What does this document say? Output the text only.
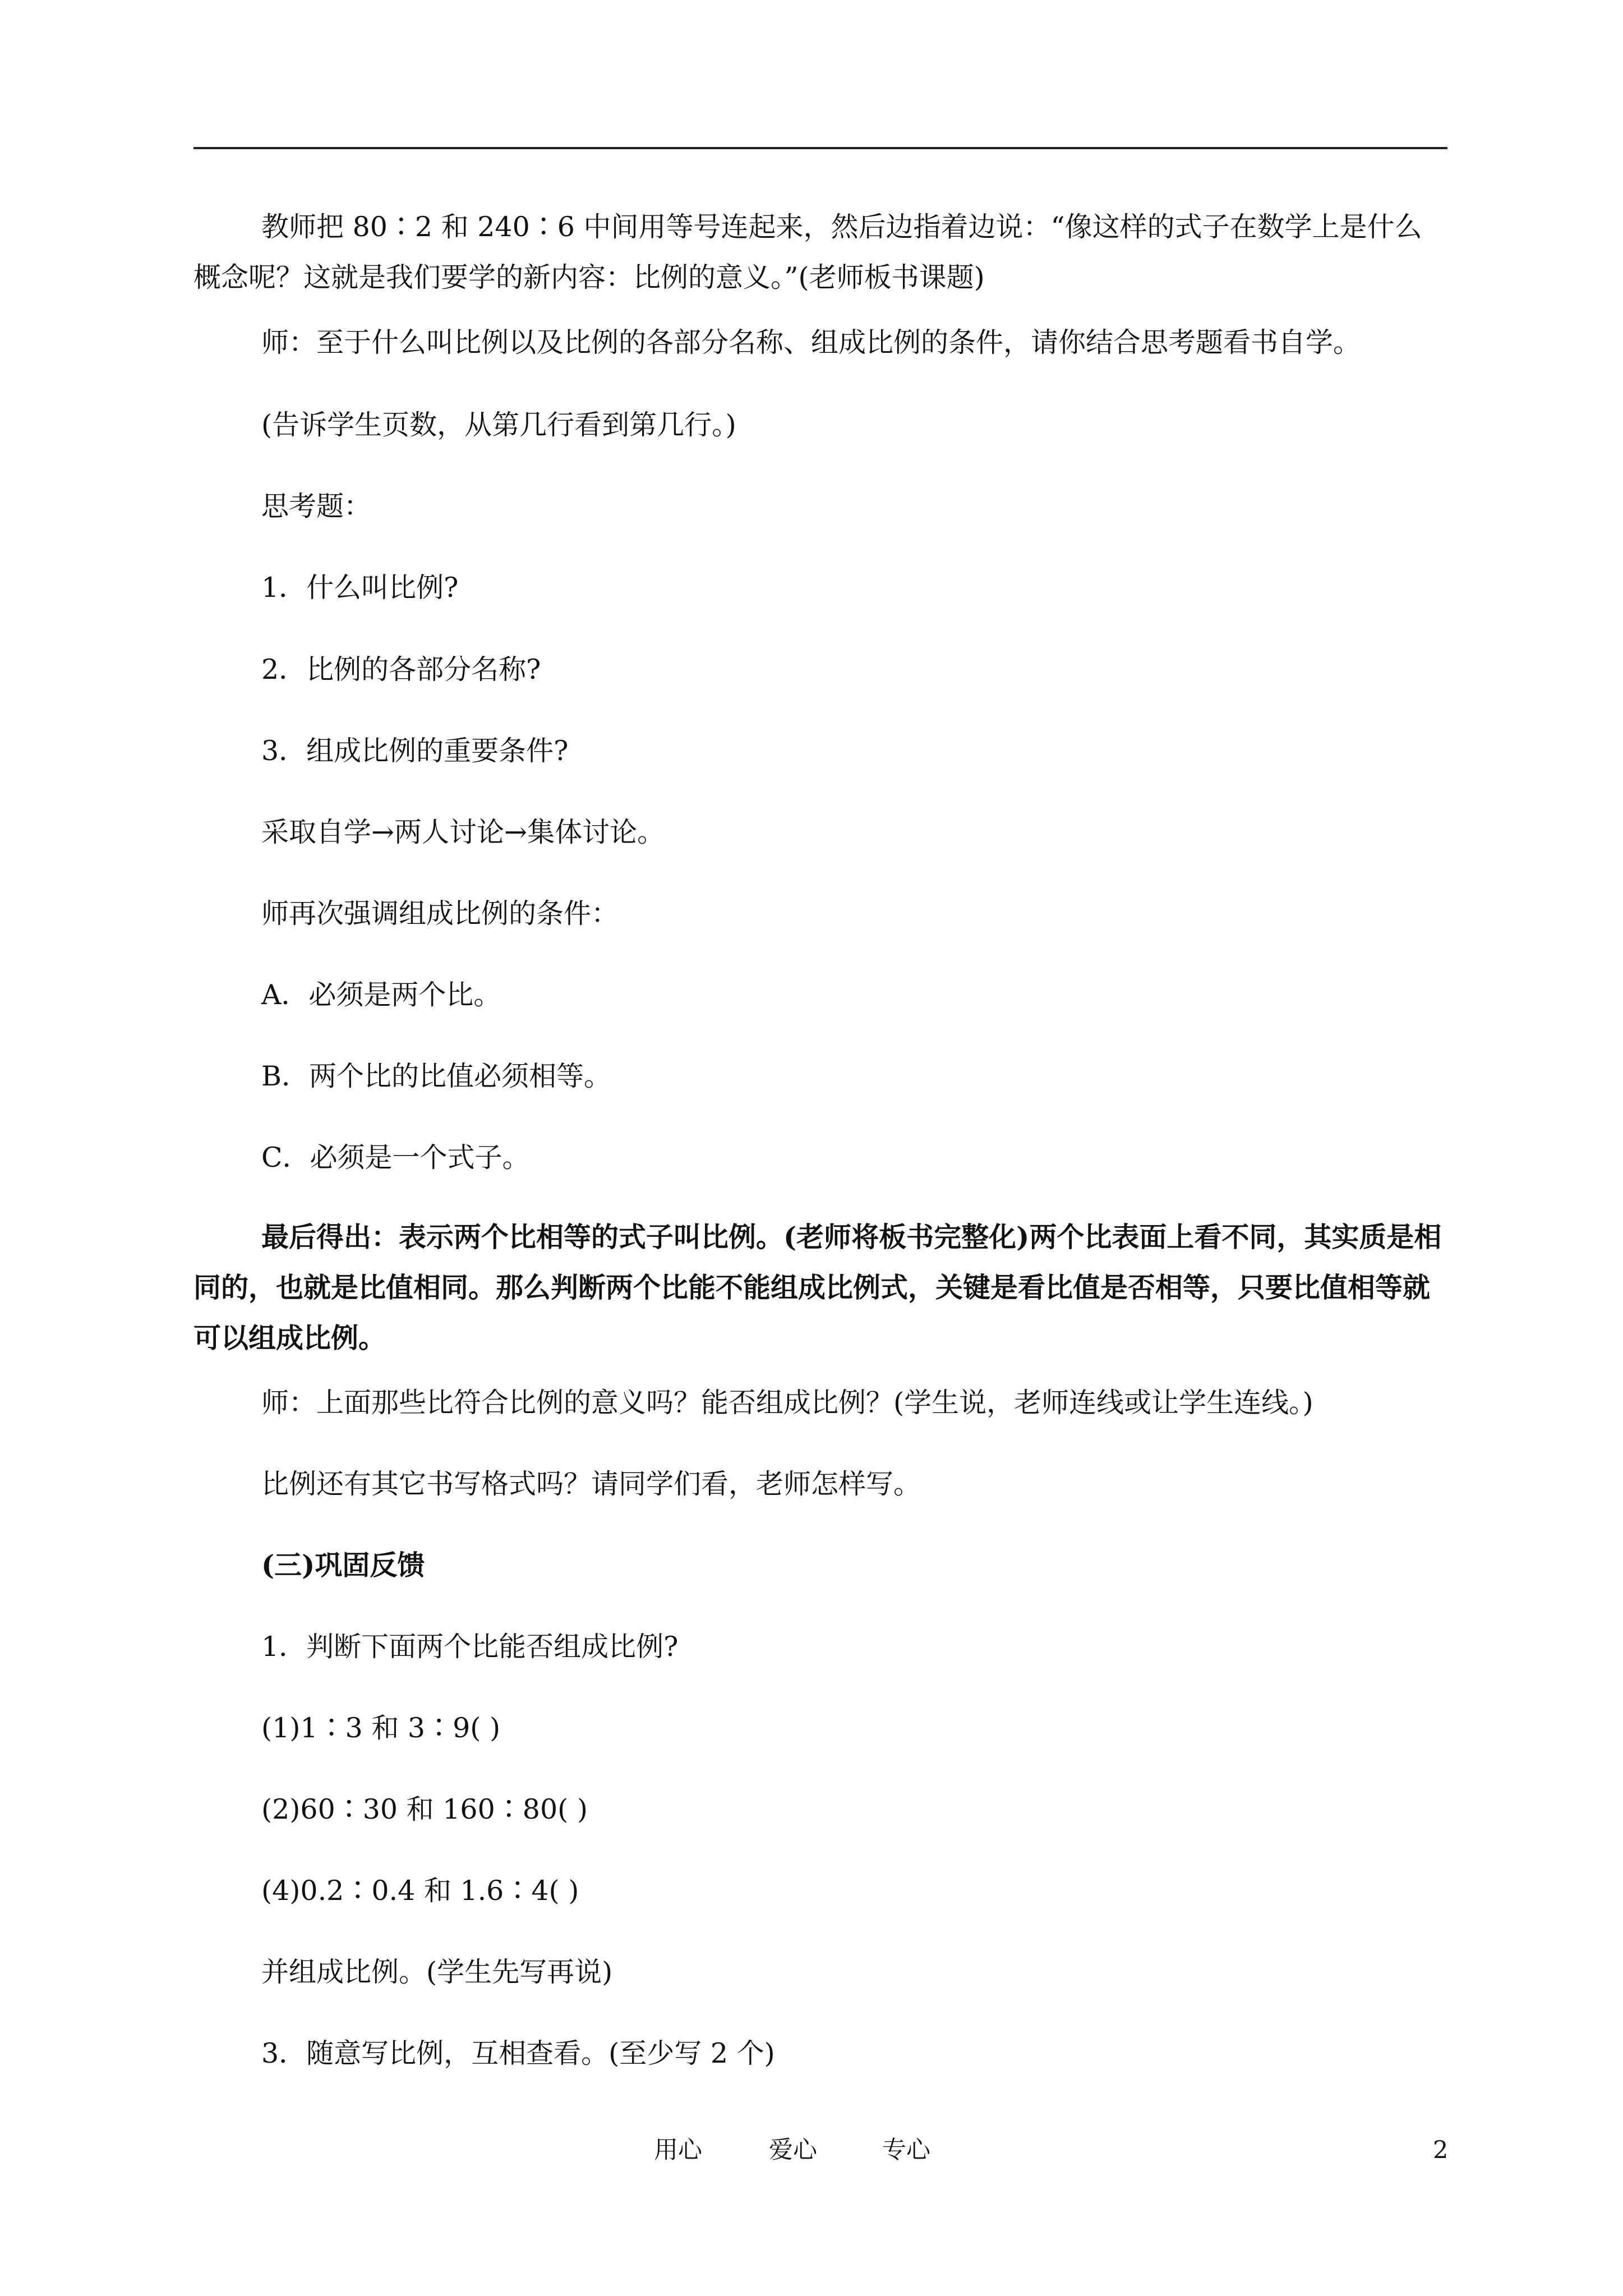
教师把 80∶2 和 240∶6 中间用等号连起来，然后边指着边说：“像这样的式子在数学上是什么概念呢？这就是我们要学的新内容：比例的意义。”(老师板书课题)
师：至于什么叫比例以及比例的各部分名称、组成比例的条件，请你结合思考题看书自学。
(告诉学生页数，从第几行看到第几行。)
思考题：
1．什么叫比例?
2．比例的各部分名称?
3．组成比例的重要条件?
采取自学→两人讨论→集体讨论。
师再次强调组成比例的条件：
A．必须是两个比。
B．两个比的比值必须相等。
C．必须是一个式子。
最后得出：表示两个比相等的式子叫比例。(老师将板书完整化)两个比表面上看不同，其实质是相同的，也就是比值相同。那么判断两个比能不能组成比例式，关键是看比值是否相等，只要比值相等就可以组成比例。
师：上面那些比符合比例的意义吗？能否组成比例？(学生说，老师连线或让学生连线。)
比例还有其它书写格式吗？请同学们看，老师怎样写。
(三)巩固反馈
1．判断下面两个比能否组成比例?
(1)1∶3 和 3∶9( )
(2)60∶30 和 160∶80( )
(4)0.2∶0.4 和 1.6∶4( )
并组成比例。(学生先写再说)
3．随意写比例，互相查看。(至少写 2 个)
用心	爱心	专心	2
